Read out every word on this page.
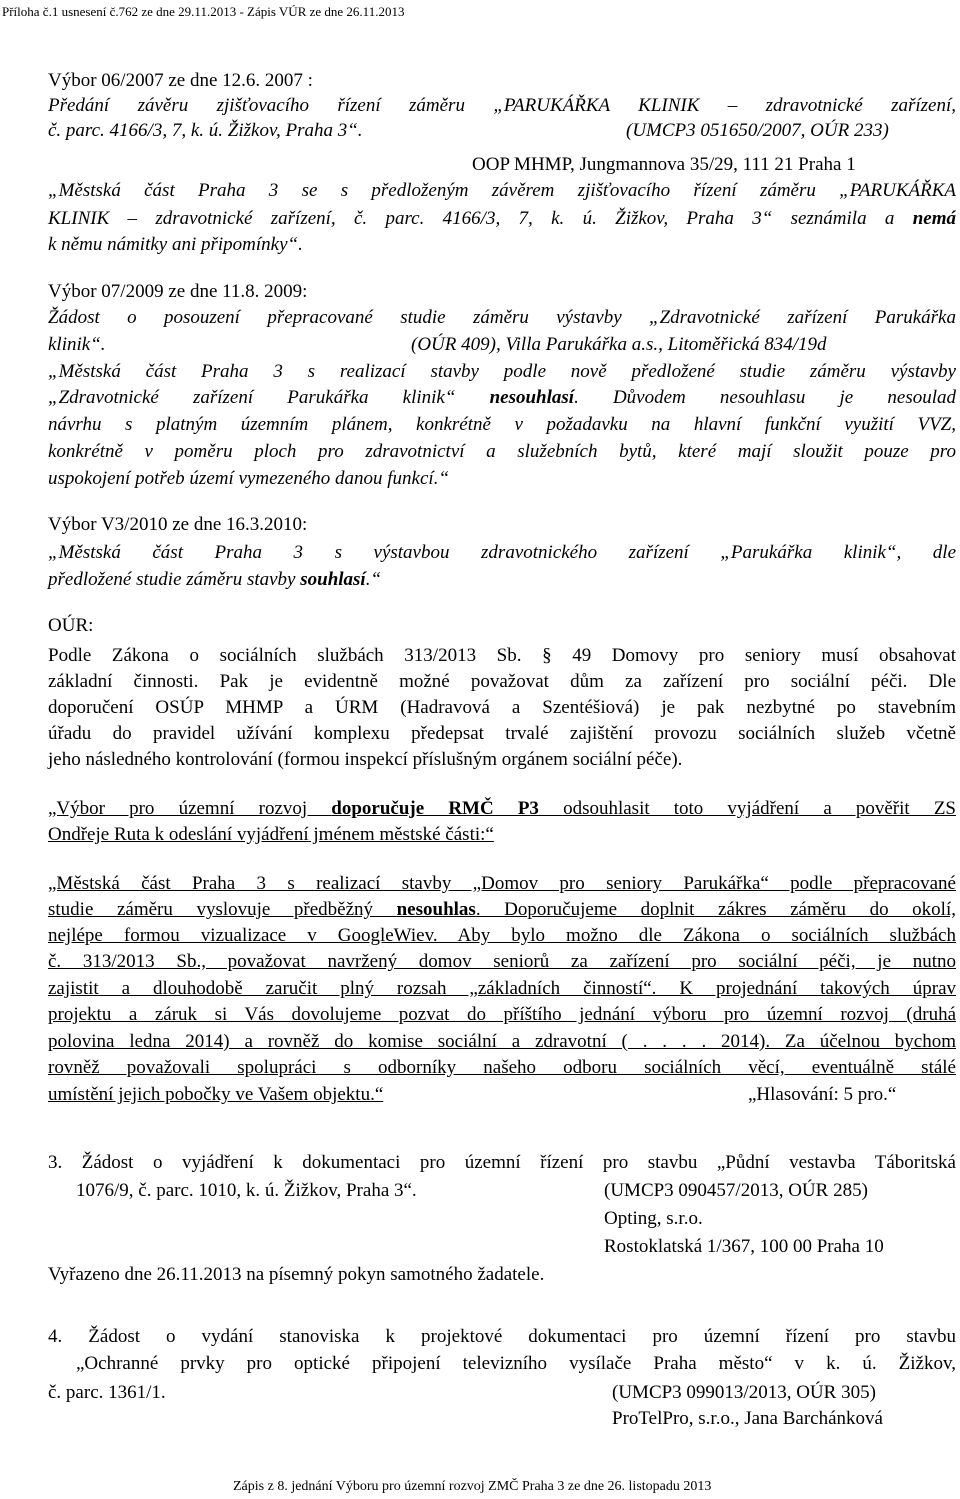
Příloha č.1 usnesení č.762 ze dne 29.11.2013 - Zápis VÚR ze dne 26.11.2013
Výbor 06/2007 ze dne 12.6. 2007 :
Předání závěru zjišťovacího řízení záměru „PARUKÁŘKA KLINIK – zdravotnické zařízení,
č. parc. 4166/3, 7, k. ú. Žižkov, Praha 3“.	(UMCP3 051650/2007, OÚR 233)
OOP MHMP, Jungmannova 35/29, 111 21 Praha 1
„Městská část Praha 3 se s předloženým závěrem zjišťovacího řízení záměru „PARUKÁŘKA
KLINIK – zdravotnické zařízení, č. parc. 4166/3, 7, k. ú. Žižkov, Praha 3“ seznámila a nemá
k němu námitky ani připomínky“.
Výbor 07/2009 ze dne 11.8. 2009:
Žádost o posouzení přepracované studie záměru výstavby „Zdravotnické zařízení Parukářka
klinik“.	(OÚR 409), Villa Parukářka a.s., Litoměřická 834/19d
„Městská část Praha 3 s realizací stavby podle nově předložené studie záměru výstavby
„Zdravotnické zařízení Parukářka klinik“ nesouhlasí. Důvodem nesouhlasu je nesoulad
návrhu s platným územním plánem, konkrétně v požadavku na hlavní funkční využití VVZ,
konkrétně v poměru ploch pro zdravotnictví a služebních bytů, které mají sloužit pouze pro
uspokojení potřeb území vymezeného danou funkcí.“
Výbor V3/2010 ze dne 16.3.2010:
„Městská část Praha 3 s výstavbou zdravotnického zařízení „Parukářka klinik“, dle
předložené studie záměru stavby souhlasí.“
OÚR:
Podle Zákona o sociálních službách 313/2013 Sb. § 49 Domovy pro seniory musí obsahovat
základní činnosti. Pak je evidentně možné považovat dům za zařízení pro sociální péči. Dle
doporučení OSÚP MHMP a ÚRM (Hadravová a Szentéšiová) je pak nezbytné po stavebním
úřadu do pravidel užívání komplexu předepsat trvalé zajištění provozu sociálních služeb včetně
jeho následného kontrolování (formou inspekcí příslušným orgánem sociální péče).
„Výbor pro územní rozvoj doporučuje RMČ P3 odsouhlasit toto vyjádření a pověřit ZS
Ondřeje Ruta k odeslání vyjádření jménem městské části:“
„Městská část Praha 3 s realizací stavby „Domov pro seniory Parukářka“ podle přepracované
studie záměru vyslovuje předběžný nesouhlas. Doporučujeme doplnit zákres záměru do okolí,
nejlépe formou vizualizace v GoogleWiev. Aby bylo možno dle Zákona o sociálních službách
č. 313/2013 Sb., považovat navržený domov seniorů za zařízení pro sociální péči, je nutno
zajistit a dlouhodobě zaručit plný rozsah „základních činností“. K projednání takových úprav
projektu a záruk si Vás dovolujeme pozvat do příštího jednání výboru pro územní rozvoj (druhá
polovina ledna 2014) a rovněž do komise sociální a zdravotní ( . . . . 2014). Za účelnou bychom
rovněž považovali spolupráci s odborníky našeho odboru sociálních věcí, eventuálně stálé
umístění jejich pobočky ve Vašem objektu.“	„Hlasování: 5 pro.“
3. Žádost o vyjádření k dokumentaci pro územní řízení pro stavbu „Půdní vestavba Táboritská
1076/9, č. parc. 1010, k. ú. Žižkov, Praha 3“.	(UMCP3 090457/2013, OÚR 285)
Opting, s.r.o.
Rostoklatská 1/367, 100 00 Praha 10
Vyřazeno dne 26.11.2013 na písemný pokyn samotného žadatele.
4. Žádost o vydání stanoviska k projektové dokumentaci pro územní řízení pro stavbu
„Ochranné prvky pro optické připojení televizního vysílače Praha město“ v k. ú. Žižkov,
č. parc. 1361/1.	(UMCP3 099013/2013, OÚR 305)
ProTelPro, s.r.o., Jana Barchánková
Zápis z 8. jednání Výboru pro územní rozvoj ZMČ Praha 3 ze dne 26. listopadu 2013
